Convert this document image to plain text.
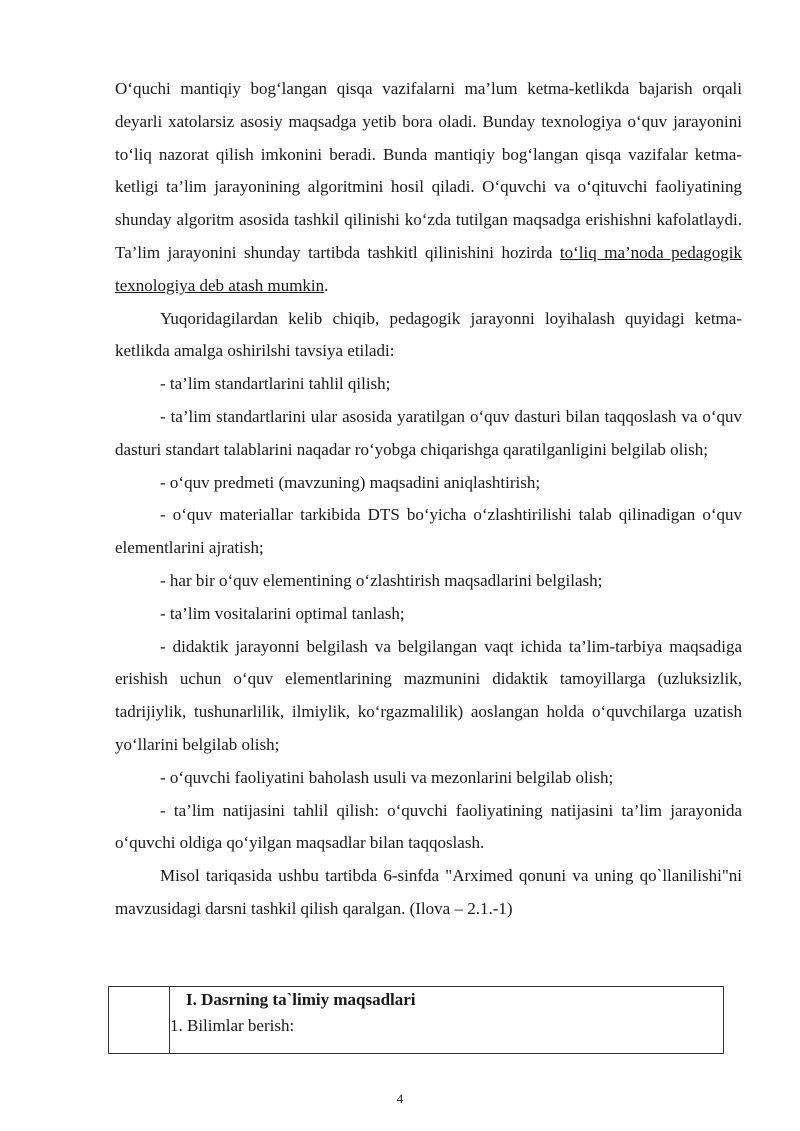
O‘quchi mantiqiy bog‘langan qisqa vazifalarni ma’lum ketma-ketlikda bajarish orqali deyarli xatolarsiz asosiy maqsadga yetib bora oladi. Bunday texnologiya o‘quv jarayonini to‘liq nazorat qilish imkonini beradi. Bunda mantiqiy bog‘langan qisqa vazifalar ketma-ketligi ta’lim jarayonining algoritmini hosil qiladi. O‘quvchi va o‘qituvchi faoliyatining shunday algoritm asosida tashkil qilinishi ko‘zda tutilgan maqsadga erishishni kafolatlaydi. Ta’lim jarayonini shunday tartibda tashkitl qilinishini hozirda to‘liq ma’noda pedagogik texnologiya deb atash mumkin.

Yuqoridagilardan kelib chiqib, pedagogik jarayonni loyihalash quyidagi ketma-ketlikda amalga oshirilshi tavsiya etiladi:

- ta’lim standartlarini tahlil qilish;

- ta’lim standartlarini ular asosida yaratilgan o‘quv dasturi bilan taqqoslash va o‘quv dasturi standart talablarini naqadar ro‘yobga chiqarishga qaratilganligini belgilab olish;

- o‘quv predmeti (mavzuning) maqsadini aniqlashtirish;

- o‘quv materiallar tarkibida DTS bo‘yicha o‘zlashtirilishi talab qilinadigan o‘quv elementlarini ajratish;

- har bir o‘quv elementining o‘zlashtirish maqsadlarini belgilash;

- ta’lim vositalarini optimal tanlash;

- didaktik jarayonni belgilash va belgilangan vaqt ichida ta’lim-tarbiya maqsadiga erishish uchun o‘quv elementlarining mazmunini didaktik tamoyillarga (uzluksizlik, tadrijiylik, tushunarlilik, ilmiylik, ko‘rgazmalilik) aoslangan holda o‘quvchilarga uzatish yo‘llarini belgilab olish;

- o‘quvchi faoliyatini baholash usuli va mezonlarini belgilab olish;

- ta’lim natijasini tahlil qilish: o‘quvchi faoliyatining natijasini ta’lim jarayonida o‘quvchi oldiga qo‘yilgan maqsadlar bilan taqqoslash.

Misol tariqasida ushbu tartibda 6-sinfda "Arximed qonuni va uning qo`llanilishi"ni mavzusidagi darsni tashkil qilish qaralgan. (Ilova – 2.1.-1)

I. Dasrning ta`limiy maqsadlari
1. Bilimlar berish:
4
